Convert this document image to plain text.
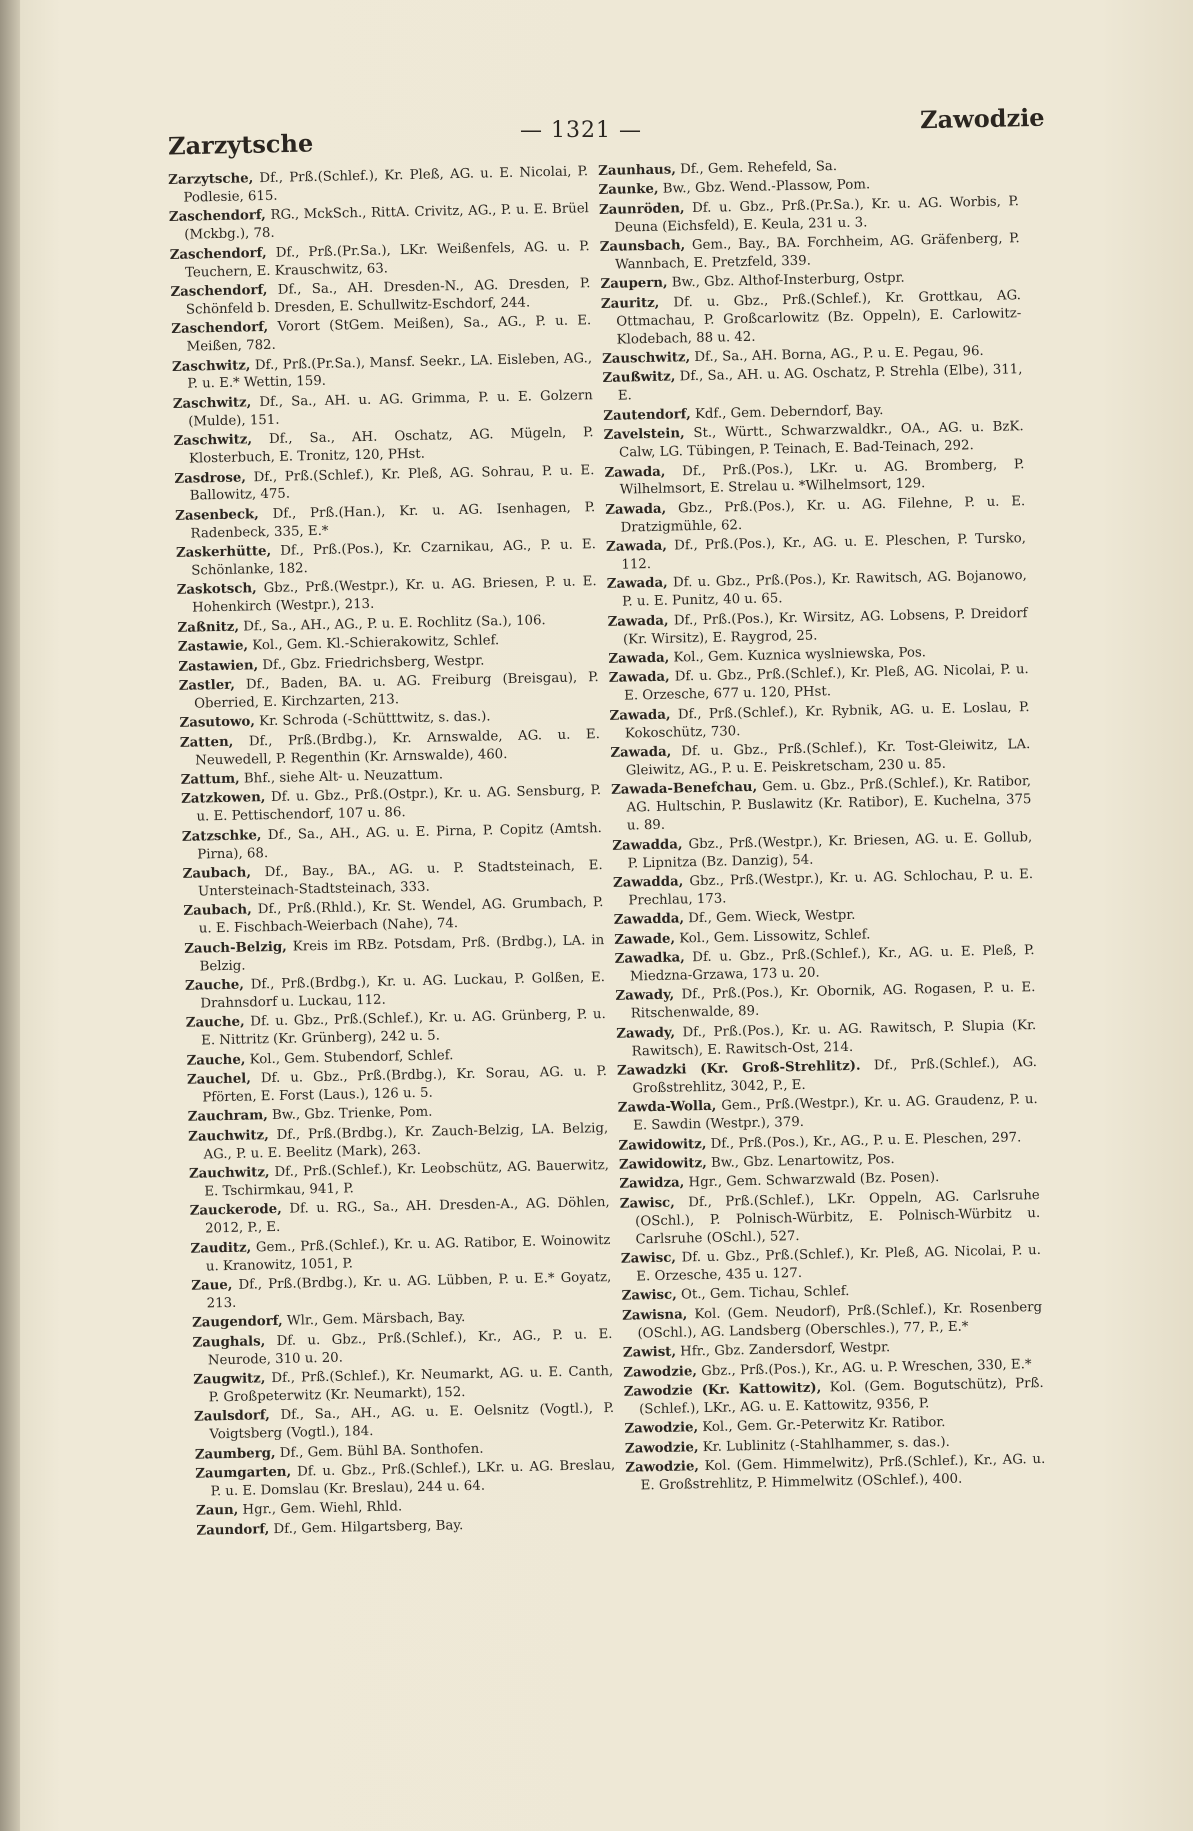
Zarzytsche	— 1321 —	Zawodzie

Zarzytsche, Df., Prß.(Schlef.), Kr. Pleß, AG. u. E. Nicolai, P. Podlesie, 615.

Zaschendorf, RG., MckSch., RittA. Crivitz, AG., P. u. E. Brüel (Mckbg.), 78.

Zaschendorf, Df., Prß.(Pr.Sa.), LKr. Weißenfels, AG. u. P. Teuchern, E. Krauschwitz, 63.

Zaschendorf, Df., Sa., AH. Dresden-N., AG. Dresden, P. Schönfeld b. Dresden, E. Schullwitz-Eschdorf, 244.

Zaschendorf, Vorort (StGem. Meißen), Sa., AG., P. u. E. Meißen, 782.

Zaschwitz, Df., Prß.(Pr.Sa.), Mansf. Seekr., LA. Eisleben, AG., P. u. E.* Wettin, 159.

Zaschwitz, Df., Sa., AH. u. AG. Grimma, P. u. E. Golzern (Mulde), 151.

Zaschwitz, Df., Sa., AH. Oschatz, AG. Mügeln, P. Klosterbuch, E. Tronitz, 120, PHst.

Zasdrose, Df., Prß.(Schlef.), Kr. Pleß, AG. Sohrau, P. u. E. Ballowitz, 475.

Zasenbeck, Df., Prß.(Han.), Kr. u. AG. Isenhagen, P. Radenbeck, 335, E.*

Zaskerhütte, Df., Prß.(Pos.), Kr. Czarnikau, AG., P. u. E. Schönlanke, 182.

Zaskotsch, Gbz., Prß.(Westpr.), Kr. u. AG. Briesen, P. u. E. Hohenkirch (Westpr.), 213.

Zaßnitz, Df., Sa., AH., AG., P. u. E. Rochlitz (Sa.), 106.

Zastawie, Kol., Gem. Kl.-Schierakowitz, Schlef.

Zastawien, Df., Gbz. Friedrichsberg, Westpr.

Zastler, Df., Baden, BA. u. AG. Freiburg (Breisgau), P. Oberried, E. Kirchzarten, 213.

Zasutowo, Kr. Schroda (-Schütttwitz, s. das.).

Zatten, Df., Prß.(Brdbg.), Kr. Arnswalde, AG. u. E. Neuwedell, P. Regenthin (Kr. Arnswalde), 460.

Zattum, Bhf., siehe Alt- u. Neuzattum.

Zatzkowen, Df. u. Gbz., Prß.(Ostpr.), Kr. u. AG. Sensburg, P. u. E. Pettischendorf, 107 u. 86.

Zatzschke, Df., Sa., AH., AG. u. E. Pirna, P. Copitz (Amtsh. Pirna), 68.

Zaubach, Df., Bay., BA., AG. u. P. Stadtsteinach, E. Untersteinach-Stadtsteinach, 333.

Zaubach, Df., Prß.(Rhld.), Kr. St. Wendel, AG. Grumbach, P. u. E. Fischbach-Weierbach (Nahe), 74.

Zauch-Belzig, Kreis im RBz. Potsdam, Prß. (Brdbg.), LA. in Belzig.

Zauche, Df., Prß.(Brdbg.), Kr. u. AG. Luckau, P. Golßen, E. Drahnsdorf u. Luckau, 112.

Zauche, Df. u. Gbz., Prß.(Schlef.), Kr. u. AG. Grünberg, P. u. E. Nittritz (Kr. Grünberg), 242 u. 5.

Zauche, Kol., Gem. Stubendorf, Schlef.

Zauchel, Df. u. Gbz., Prß.(Brdbg.), Kr. Sorau, AG. u. P. Pförten, E. Forst (Laus.), 126 u. 5.

Zauchram, Bw., Gbz. Trienke, Pom.

Zauchwitz, Df., Prß.(Brdbg.), Kr. Zauch-Belzig, LA. Belzig, AG., P. u. E. Beelitz (Mark), 263.

Zauchwitz, Df., Prß.(Schlef.), Kr. Leobschütz, AG. Bauerwitz, E. Tschirmkau, 941, P.

Zauckerode, Df. u. RG., Sa., AH. Dresden-A., AG. Döhlen, 2012, P., E.

Zauditz, Gem., Prß.(Schlef.), Kr. u. AG. Ratibor, E. Woinowitz u. Kranowitz, 1051, P.

Zaue, Df., Prß.(Brdbg.), Kr. u. AG. Lübben, P. u. E.* Goyatz, 213.

Zaugendorf, Wlr., Gem. Märsbach, Bay.

Zaughals, Df. u. Gbz., Prß.(Schlef.), Kr., AG., P. u. E. Neurode, 310 u. 20.

Zaugwitz, Df., Prß.(Schlef.), Kr. Neumarkt, AG. u. E. Canth, P. Großpeterwitz (Kr. Neumarkt), 152.

Zaulsdorf, Df., Sa., AH., AG. u. E. Oelsnitz (Vogtl.), P. Voigtsberg (Vogtl.), 184.

Zaumberg, Df., Gem. Bühl BA. Sonthofen.

Zaumgarten, Df. u. Gbz., Prß.(Schlef.), LKr. u. AG. Breslau, P. u. E. Domslau (Kr. Breslau), 244 u. 64.

Zaun, Hgr., Gem. Wiehl, Rhld.

Zaundorf, Df., Gem. Hilgartsberg, Bay.

Zaunhaus, Df., Gem. Rehefeld, Sa.

Zaunke, Bw., Gbz. Wend.-Plassow, Pom.

Zaunröden, Df. u. Gbz., Prß.(Pr.Sa.), Kr. u. AG. Worbis, P. Deuna (Eichsfeld), E. Keula, 231 u. 3.

Zaunsbach, Gem., Bay., BA. Forchheim, AG. Gräfenberg, P. Wannbach, E. Pretzfeld, 339.

Zaupern, Bw., Gbz. Althof-Insterburg, Ostpr.

Zauritz, Df. u. Gbz., Prß.(Schlef.), Kr. Grottkau, AG. Ottmachau, P. Großcarlowitz (Bz. Oppeln), E. Carlowitz-Klodebach, 88 u. 42.

Zauschwitz, Df., Sa., AH. Borna, AG., P. u. E. Pegau, 96.

Zaußwitz, Df., Sa., AH. u. AG. Oschatz, P. Strehla (Elbe), 311, E.

Zautendorf, Kdf., Gem. Deberndorf, Bay.

Zavelstein, St., Württ., Schwarzwaldkr., OA., AG. u. BzK. Calw, LG. Tübingen, P. Teinach, E. Bad-Teinach, 292.

Zawada, Df., Prß.(Pos.), LKr. u. AG. Bromberg, P. Wilhelmsort, E. Strelau u. *Wilhelmsort, 129.

Zawada, Gbz., Prß.(Pos.), Kr. u. AG. Filehne, P. u. E. Dratzigmühle, 62.

Zawada, Df., Prß.(Pos.), Kr., AG. u. E. Pleschen, P. Tursko, 112.

Zawada, Df. u. Gbz., Prß.(Pos.), Kr. Rawitsch, AG. Bojanowo, P. u. E. Punitz, 40 u. 65.

Zawada, Df., Prß.(Pos.), Kr. Wirsitz, AG. Lobsens, P. Dreidorf (Kr. Wirsitz), E. Raygrod, 25.

Zawada, Kol., Gem. Kuznica wyslniewska, Pos.

Zawada, Df. u. Gbz., Prß.(Schlef.), Kr. Pleß, AG. Nicolai, P. u. E. Orzesche, 677 u. 120, PHst.

Zawada, Df., Prß.(Schlef.), Kr. Rybnik, AG. u. E. Loslau, P. Kokoschütz, 730.

Zawada, Df. u. Gbz., Prß.(Schlef.), Kr. Tost-Gleiwitz, LA. Gleiwitz, AG., P. u. E. Peiskretscham, 230 u. 85.

Zawada-Benefchau, Gem. u. Gbz., Prß.(Schlef.), Kr. Ratibor, AG. Hultschin, P. Buslawitz (Kr. Ratibor), E. Kuchelna, 375 u. 89.

Zawadda, Gbz., Prß.(Westpr.), Kr. Briesen, AG. u. E. Gollub, P. Lipnitza (Bz. Danzig), 54.

Zawadda, Gbz., Prß.(Westpr.), Kr. u. AG. Schlochau, P. u. E. Prechlau, 173.

Zawadda, Df., Gem. Wieck, Westpr.

Zawade, Kol., Gem. Lissowitz, Schlef.

Zawadka, Df. u. Gbz., Prß.(Schlef.), Kr., AG. u. E. Pleß, P. Miedzna-Grzawa, 173 u. 20.

Zawady, Df., Prß.(Pos.), Kr. Obornik, AG. Rogasen, P. u. E. Ritschenwalde, 89.

Zawady, Df., Prß.(Pos.), Kr. u. AG. Rawitsch, P. Slupia (Kr. Rawitsch), E. Rawitsch-Ost, 214.

Zawadzki (Kr. Groß-Strehlitz). Df., Prß.(Schlef.), AG. Großstrehlitz, 3042, P., E.

Zawda-Wolla, Gem., Prß.(Westpr.), Kr. u. AG. Graudenz, P. u. E. Sawdin (Westpr.), 379.

Zawidowitz, Df., Prß.(Pos.), Kr., AG., P. u. E. Pleschen, 297.

Zawidowitz, Bw., Gbz. Lenartowitz, Pos.

Zawidza, Hgr., Gem. Schwarzwald (Bz. Posen).

Zawisc, Df., Prß.(Schlef.), LKr. Oppeln, AG. Carlsruhe (OSchl.), P. Polnisch-Würbitz, E. Polnisch-Würbitz u. Carlsruhe (OSchl.), 527.

Zawisc, Df. u. Gbz., Prß.(Schlef.), Kr. Pleß, AG. Nicolai, P. u. E. Orzesche, 435 u. 127.

Zawisc, Ot., Gem. Tichau, Schlef.

Zawisna, Kol. (Gem. Neudorf), Prß.(Schlef.), Kr. Rosenberg (OSchl.), AG. Landsberg (Oberschles.), 77, P., E.*

Zawist, Hfr., Gbz. Zandersdorf, Westpr.

Zawodzie, Gbz., Prß.(Pos.), Kr., AG. u. P. Wreschen, 330, E.*

Zawodzie (Kr. Kattowitz), Kol. (Gem. Bogutschütz), Prß.(Schlef.), LKr., AG. u. E. Kattowitz, 9356, P.

Zawodzie, Kol., Gem. Gr.-Peterwitz Kr. Ratibor.

Zawodzie, Kr. Lublinitz (-Stahlhammer, s. das.).

Zawodzie, Kol. (Gem. Himmelwitz), Prß.(Schlef.), Kr., AG. u. E. Großstrehlitz, P. Himmelwitz (OSchlef.), 400.
